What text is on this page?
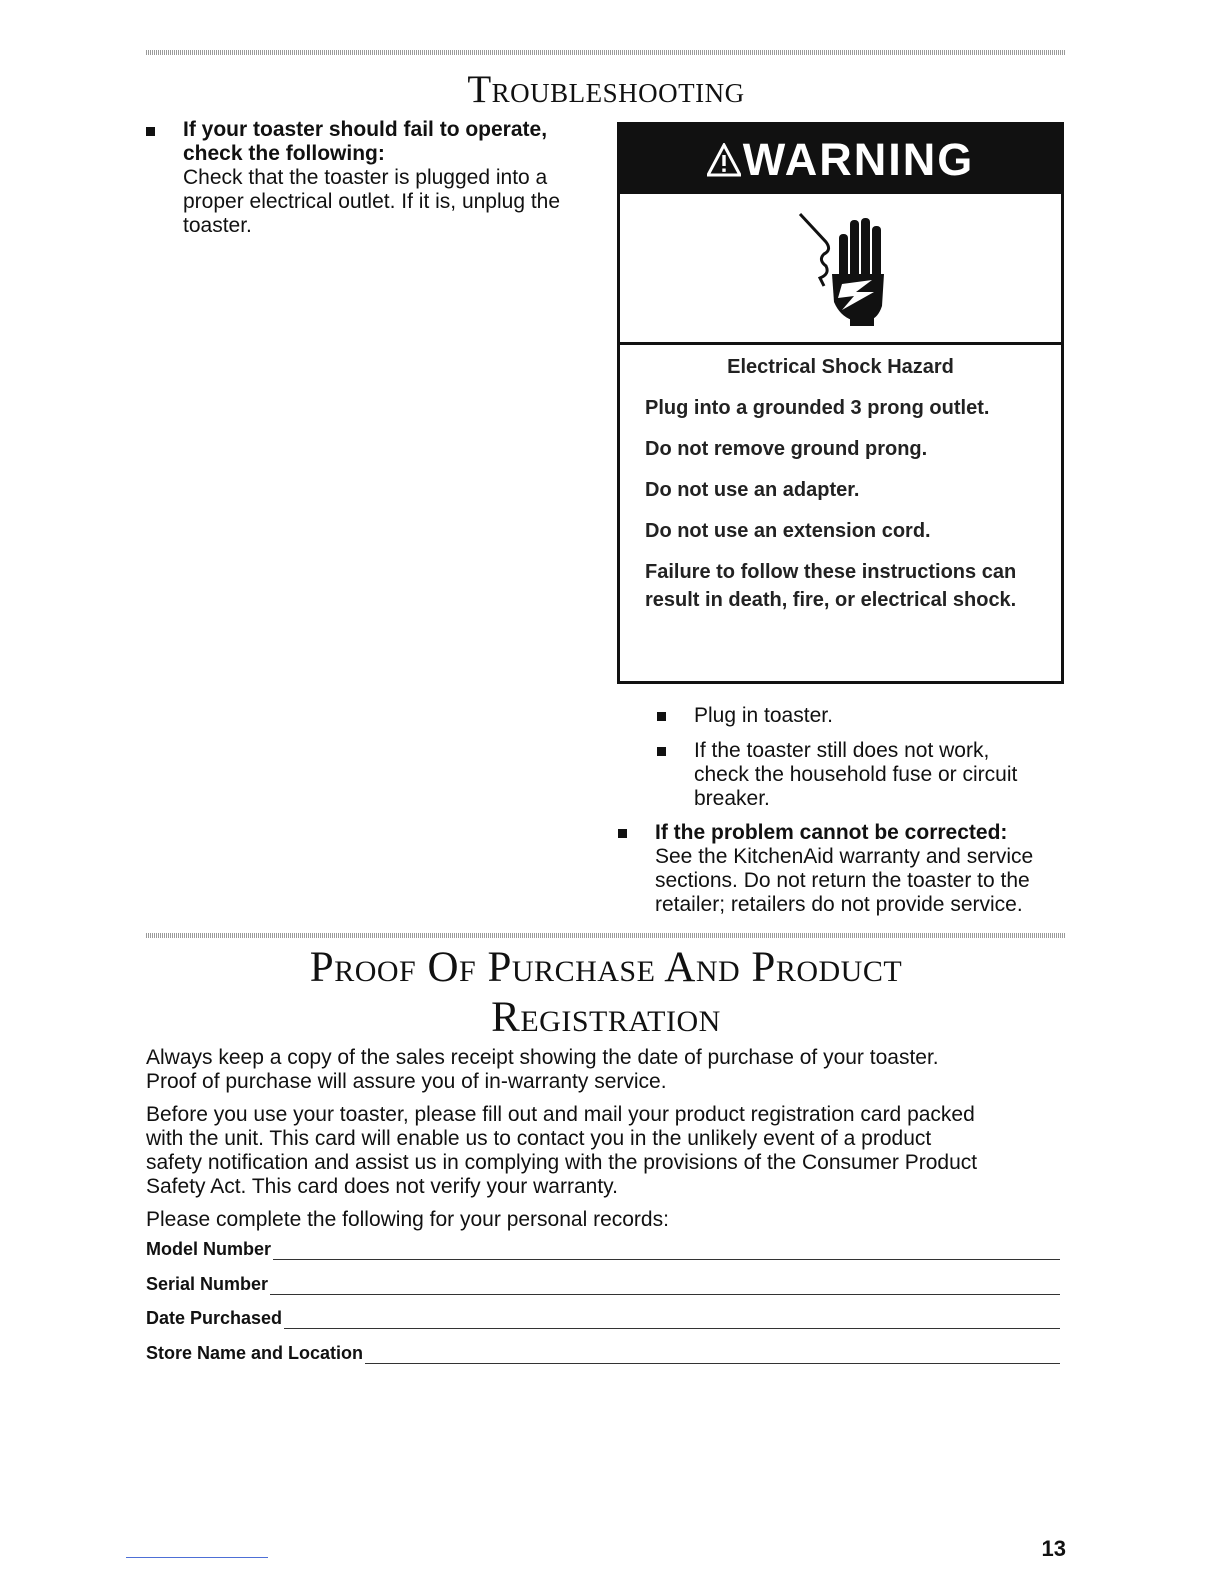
Troubleshooting

If your toaster should fail to operate,

check the following:

Check that the toaster is plugged into a

proper electrical outlet. If it is, unplug the

toaster.

WARNING

Electrical Shock Hazard

Plug into a grounded 3 prong outlet.

Do not remove ground prong.

Do not use an adapter.

Do not use an extension cord.

Failure to follow these instructions can result in death, fire, or electrical shock.

Plug in toaster.

If the toaster still does not work,

check the household fuse or circuit

breaker.

If the problem cannot be corrected:

See the KitchenAid warranty and service

sections. Do not return the toaster to the

retailer; retailers do not provide service.

Proof Of Purchase And Product
Registration

Always keep a copy of the sales receipt showing the date of purchase of your toaster.

Proof of purchase will assure you of in-warranty service.

Before you use your toaster, please fill out and mail your product registration card packed

with the unit. This card will enable us to contact you in the unlikely event of a product

safety notification and assist us in complying with the provisions of the Consumer Product

Safety Act. This card does not verify your warranty.

Please complete the following for your personal records:

Model Number
Serial Number
Date Purchased
Store Name and Location
13
